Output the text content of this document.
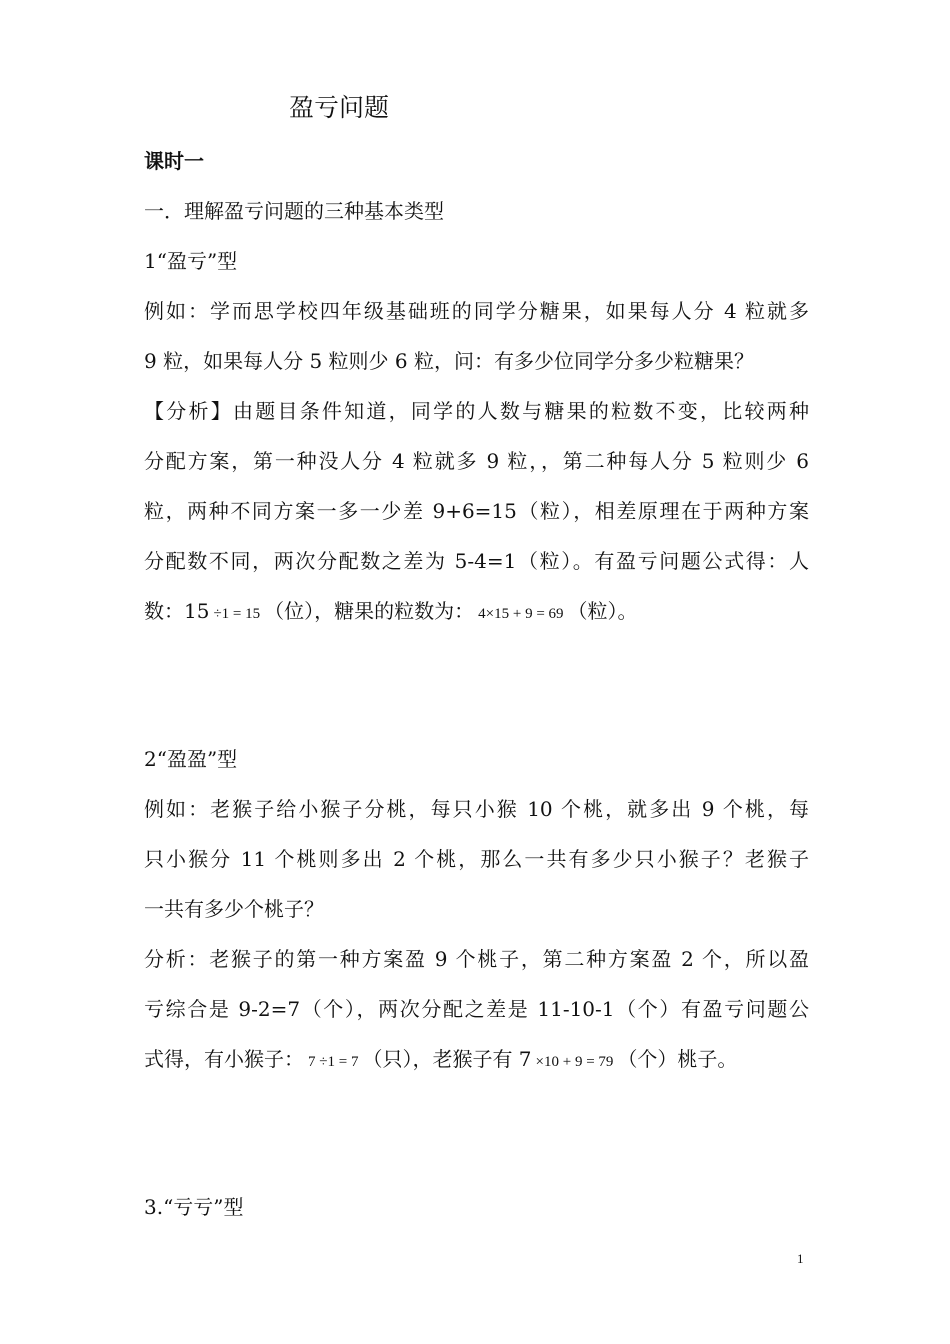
盈亏问题
课时一
一．理解盈亏问题的三种基本类型
1“盈亏”型
例如：学而思学校四年级基础班的同学分糖果，如果每人分 4 粒就多
9 粒，如果每人分 5 粒则少 6 粒，问：有多少位同学分多少粒糖果？
【分析】由题目条件知道，同学的人数与糖果的粒数不变，比较两种
分配方案，第一种没人分 4 粒就多 9 粒，，第二种每人分 5 粒则少 6
粒，两种不同方案一多一少差 9+6=15（粒），相差原理在于两种方案
分配数不同，两次分配数之差为 5-4=1（粒）。有盈亏问题公式得：人
数：15 ÷1 = 15 （位），糖果的粒数为： 4×15 + 9 = 69 （粒）。
2“盈盈”型
例如：老猴子给小猴子分桃，每只小猴 10 个桃，就多出 9 个桃，每
只小猴分 11 个桃则多出 2 个桃，那么一共有多少只小猴子？老猴子
一共有多少个桃子？
分析：老猴子的第一种方案盈 9 个桃子，第二种方案盈 2 个，所以盈
亏综合是 9-2=7（个），两次分配之差是 11-10-1（个）有盈亏问题公
式得，有小猴子： 7 ÷1 = 7 （只），老猴子有 7 ×10 + 9 = 79 （个）桃子。
3.“亏亏”型
1
